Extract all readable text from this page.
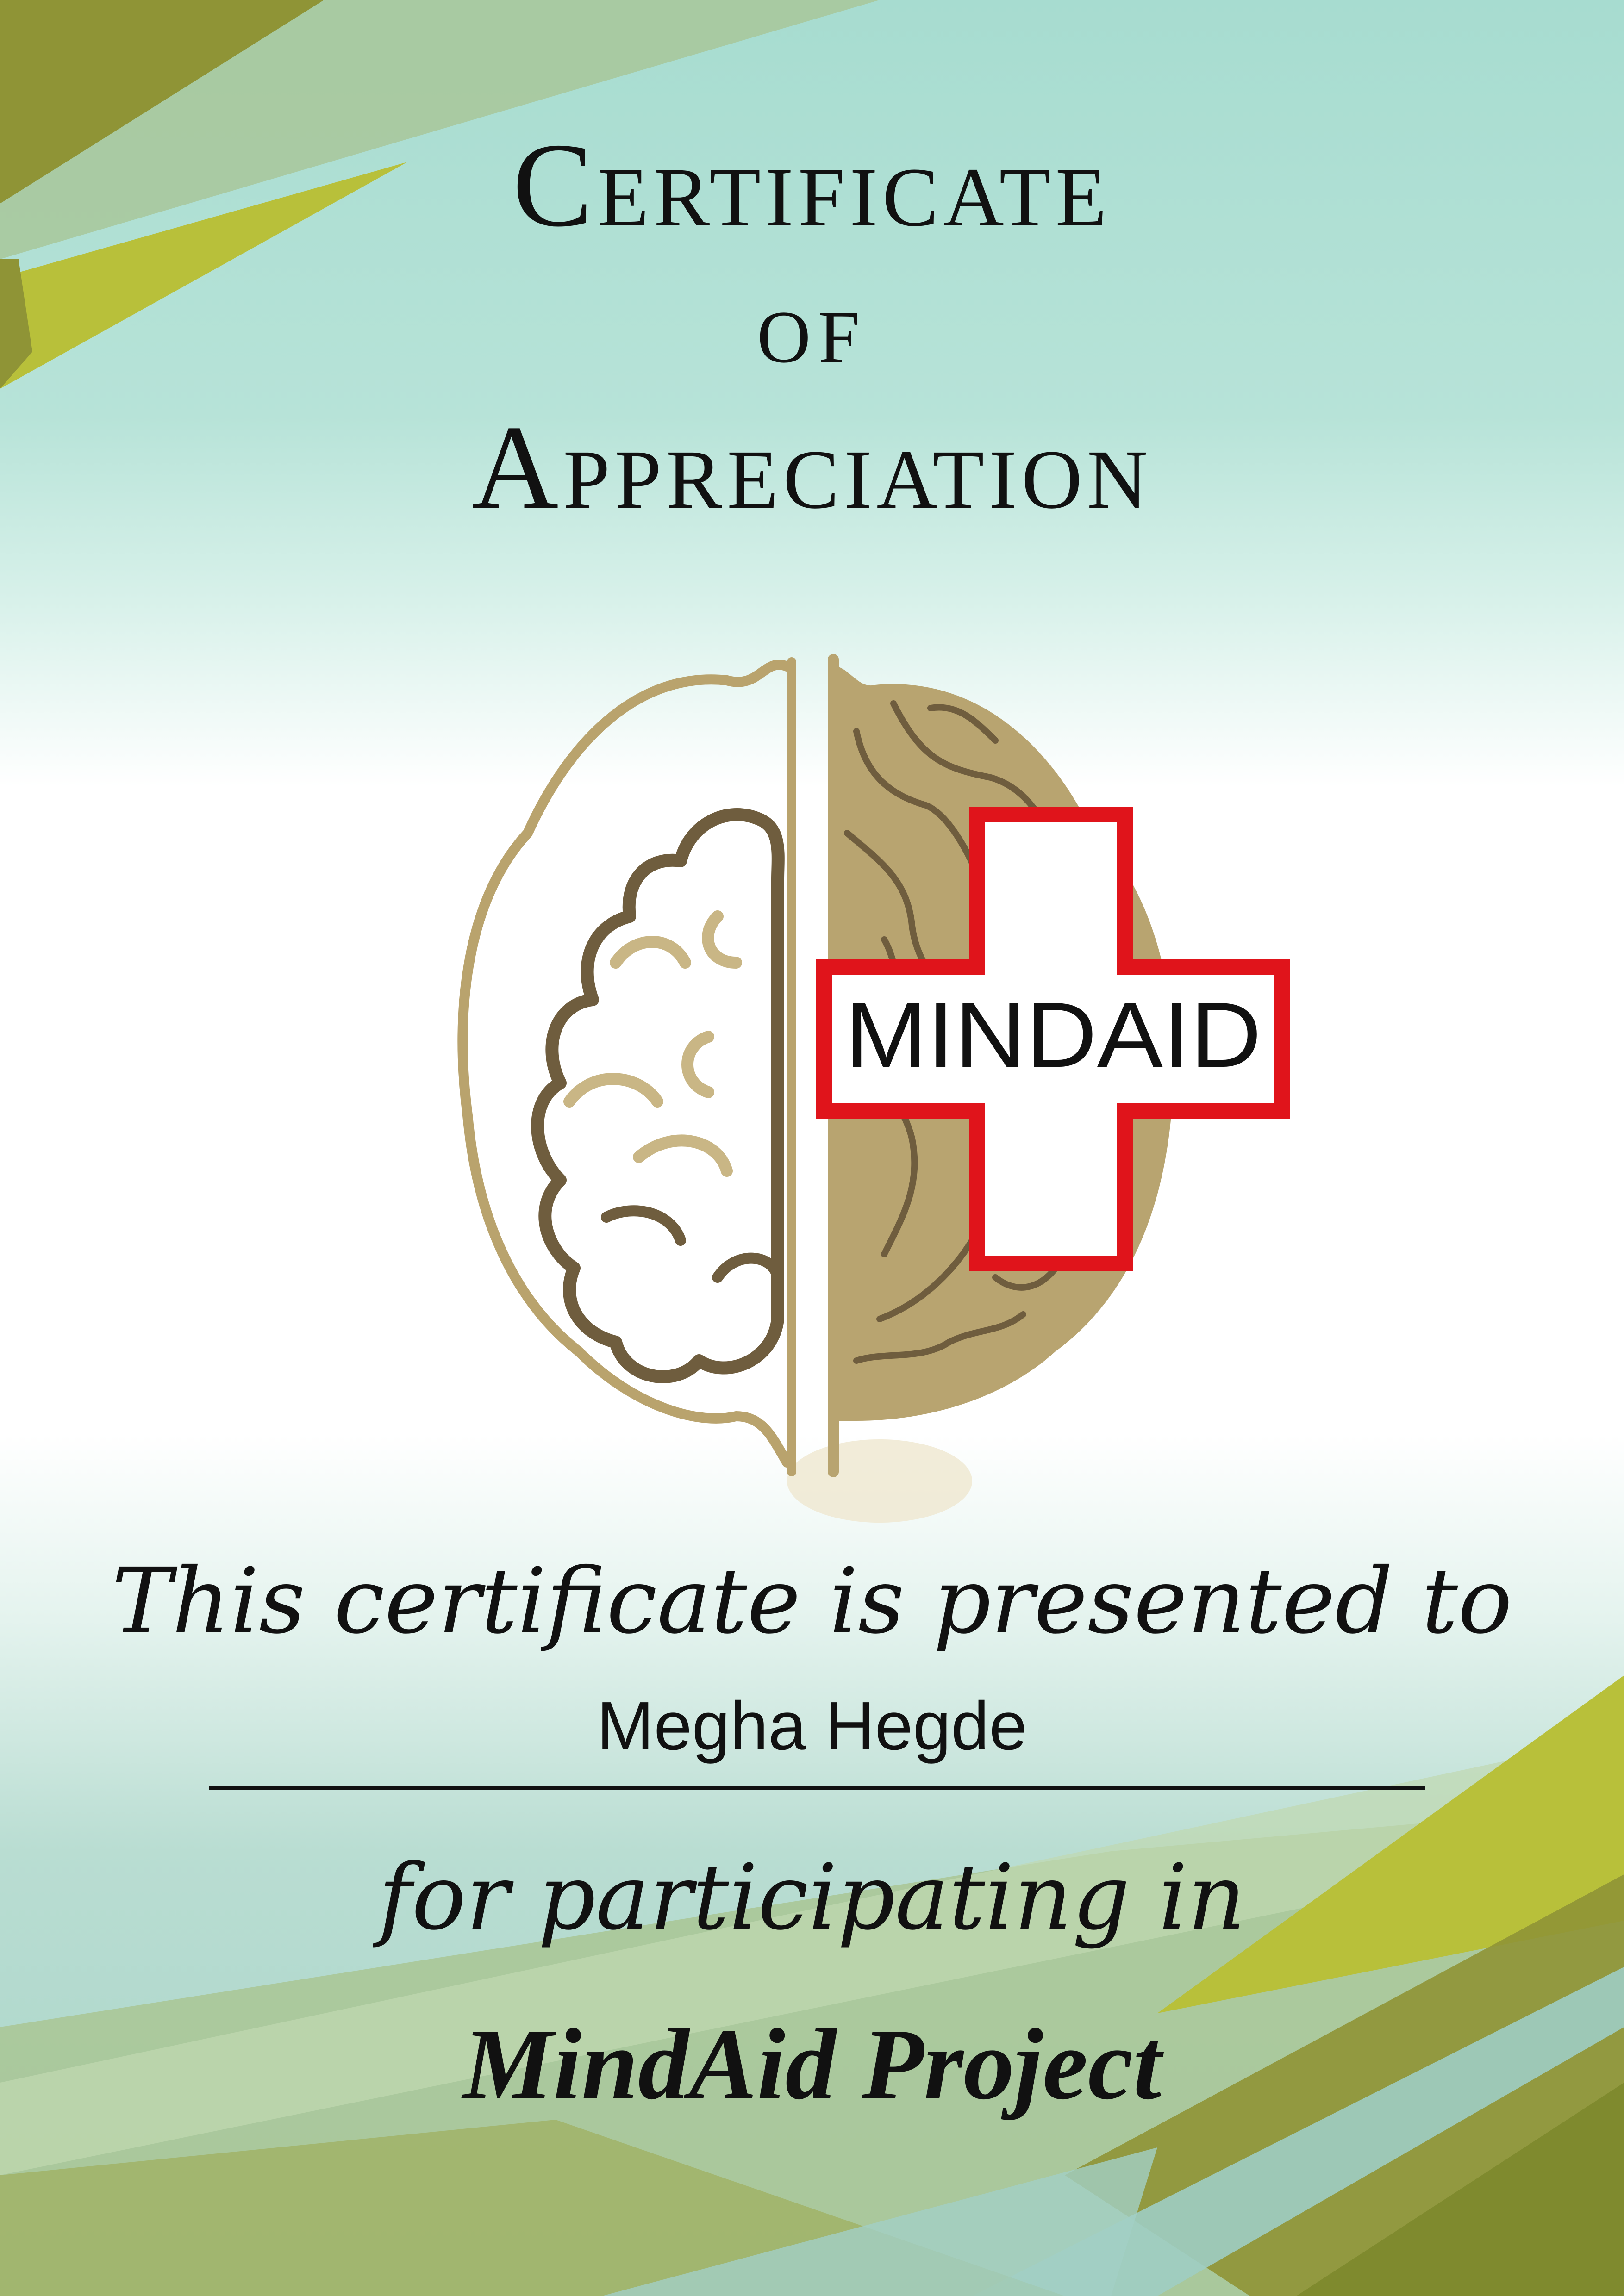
Certificate
of
Appreciation
MINDAID
This certificate is presented to
Megha Hegde
for participating in
MindAid Project
